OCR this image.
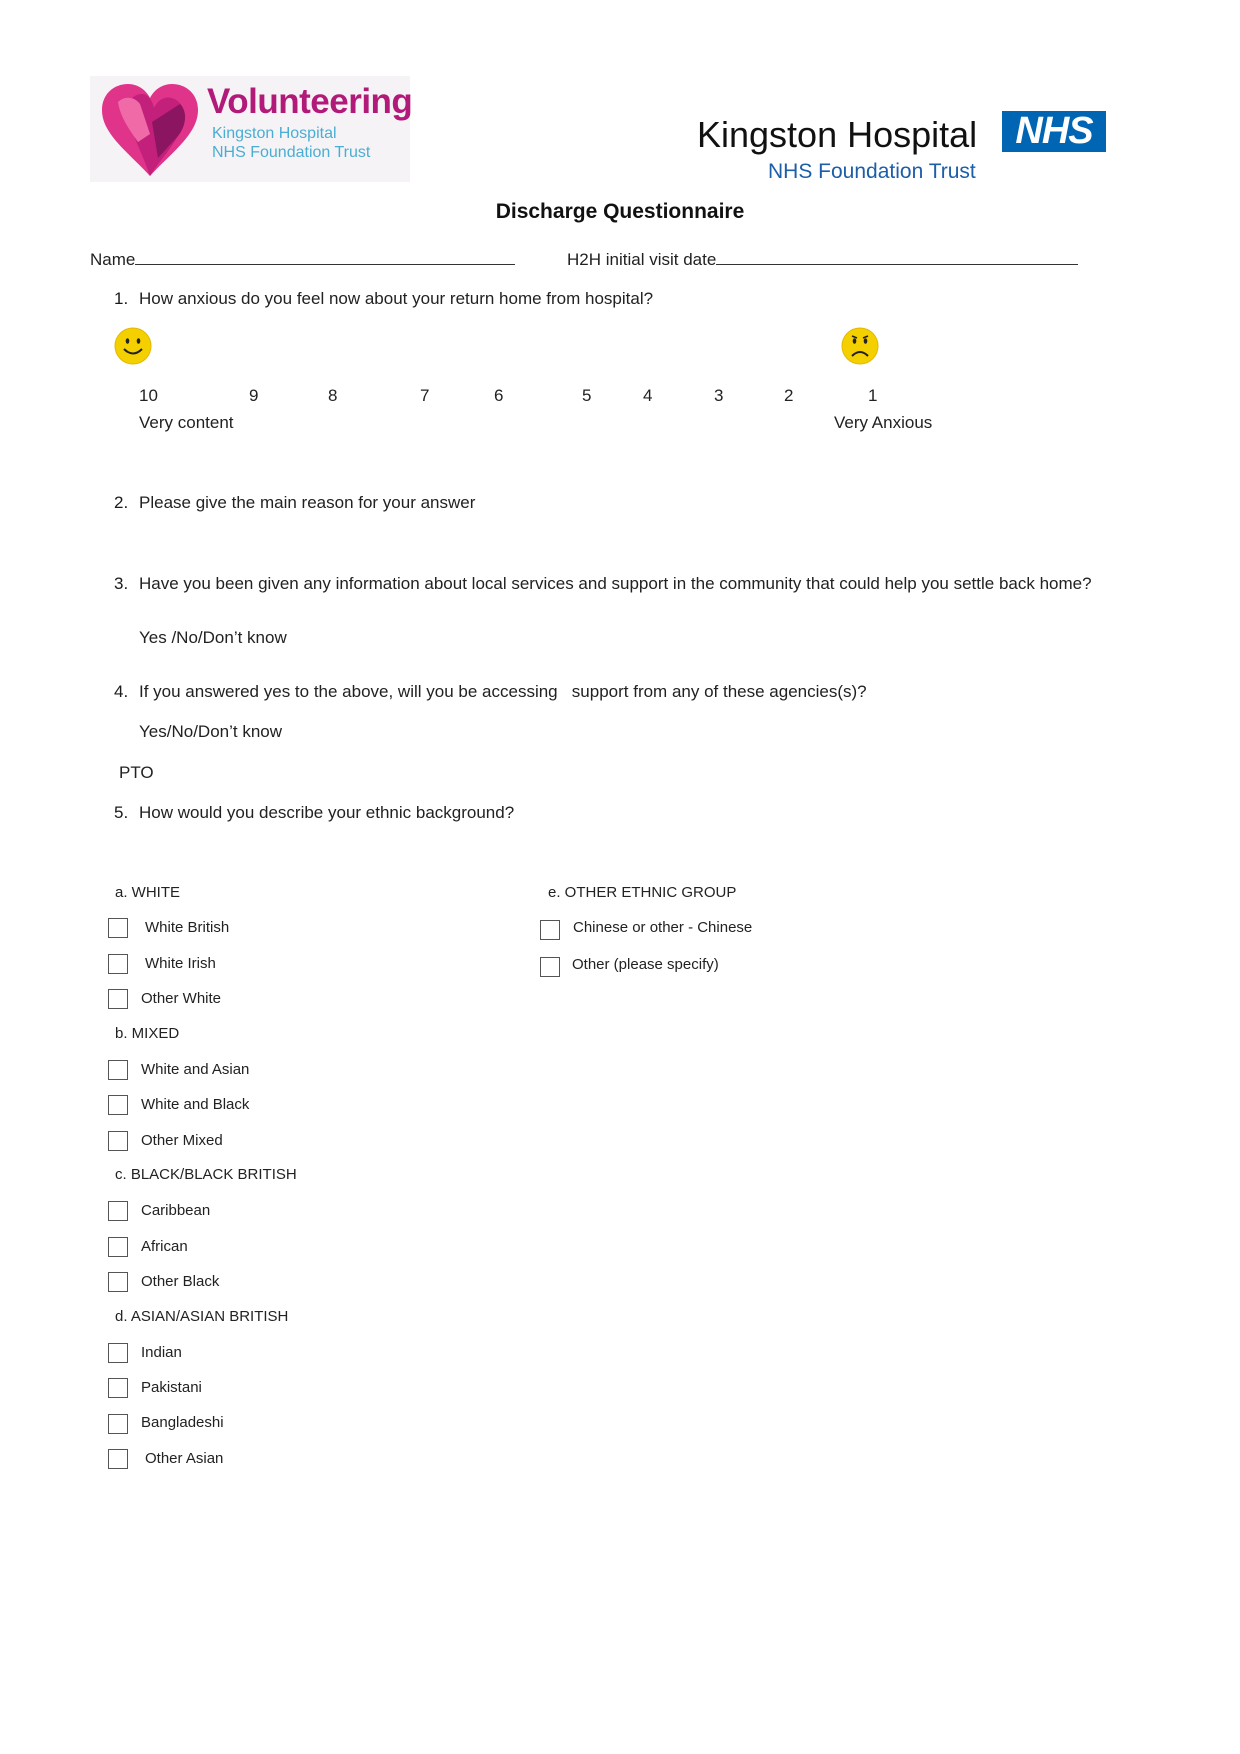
Volunteering
Kingston Hospital
NHS Foundation Trust	Kingston Hospital	NHS
NHS Foundation Trust
Discharge Questionnaire
Name	H2H initial visit date
1. How anxious do you feel now about your return home from hospital?
10	9	8	7	6	5	4	3	2	1
Very content	Very Anxious
2. Please give the main reason for your answer
3. Have you been given any information about local services and support in the community that could help you settle back home?
Yes /No/Don’t know
4. If you answered yes to the above, will you be accessing   support from any of these agencies(s)?
Yes/No/Don’t know
PTO
5. How would you describe your ethnic background?
a. WHITE
White British
White Irish
Other White
b. MIXED
White and Asian
White and Black
Other Mixed
c. BLACK/BLACK BRITISH
Caribbean
African
Other Black
d. ASIAN/ASIAN BRITISH
Indian
Pakistani
Bangladeshi
Other Asian
e. OTHER ETHNIC GROUP
Chinese or other - Chinese
Other (please specify)
